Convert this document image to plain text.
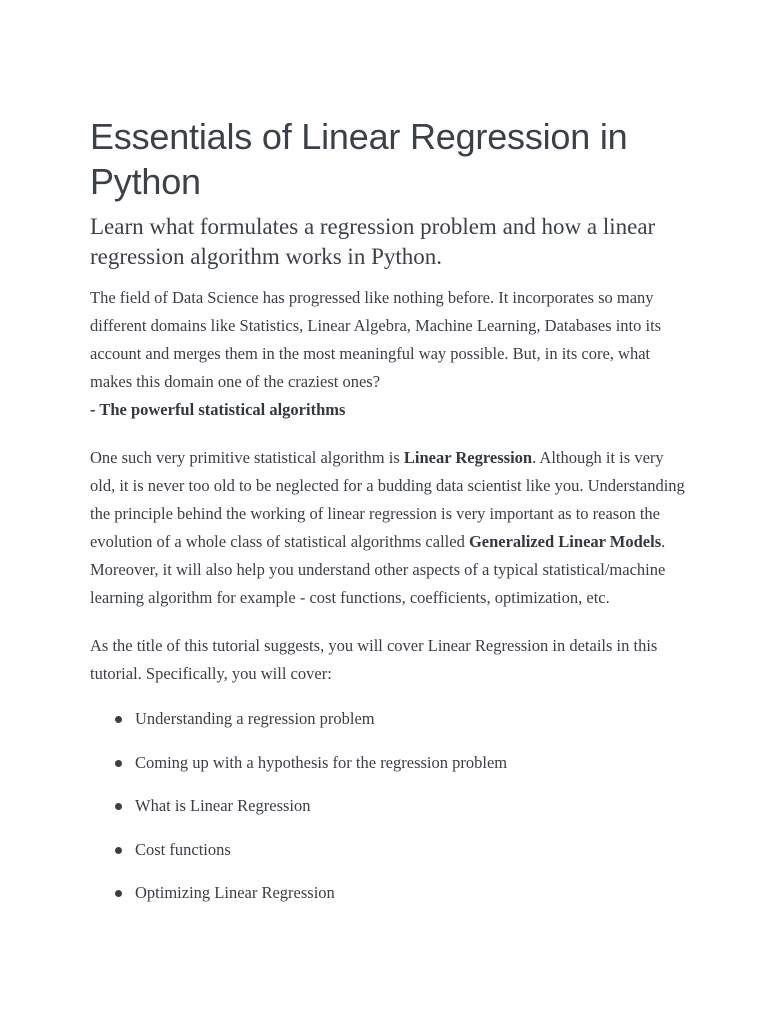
Essentials of Linear Regression in Python
Learn what formulates a regression problem and how a linear regression algorithm works in Python.

The field of Data Science has progressed like nothing before. It incorporates so many different domains like Statistics, Linear Algebra, Machine Learning, Databases into its account and merges them in the most meaningful way possible. But, in its core, what makes this domain one of the craziest ones?
- The powerful statistical algorithms

One such very primitive statistical algorithm is Linear Regression. Although it is very old, it is never too old to be neglected for a budding data scientist like you. Understanding the principle behind the working of linear regression is very important as to reason the evolution of a whole class of statistical algorithms called Generalized Linear Models. Moreover, it will also help you understand other aspects of a typical statistical/machine learning algorithm for example - cost functions, coefficients, optimization, etc.

As the title of this tutorial suggests, you will cover Linear Regression in details in this tutorial. Specifically, you will cover:

Understanding a regression problem
Coming up with a hypothesis for the regression problem
What is Linear Regression
Cost functions
Optimizing Linear Regression
